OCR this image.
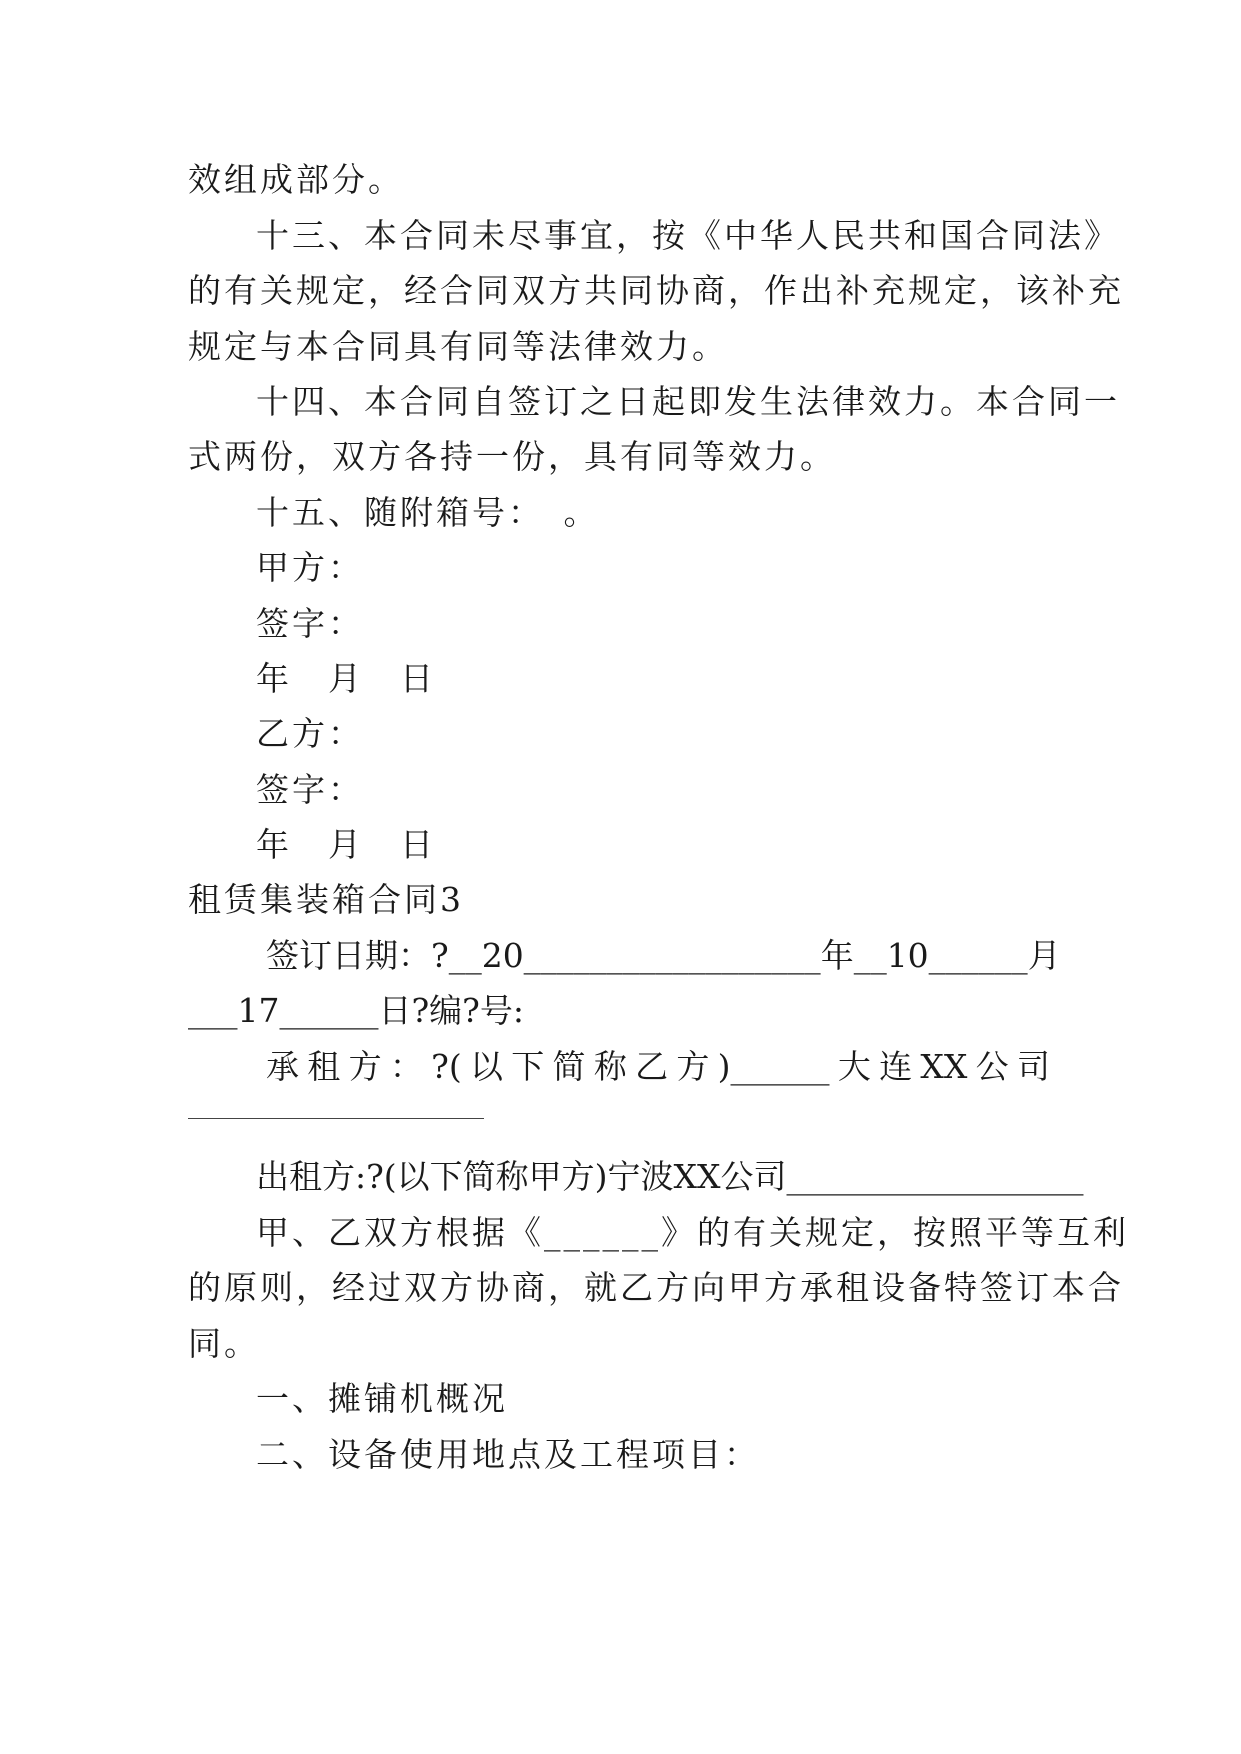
效组成部分。
十三、本合同未尽事宜，按《中华人民共和国合同法》
的有关规定，经合同双方共同协商，作出补充规定，该补充
规定与本合同具有同等法律效力。
十四、本合同自签订之日起即发生法律效力。本合同一
式两份，双方各持一份，具有同等效力。
十五、随附箱号：　。
甲方：
签字：
年　月　日
乙方：
签字：
年　月　日
租赁集装箱合同3
签 订 日 期 ： ?__20__________________ 年 __10______ 月
___17______日?编?号:
承 租 方 ： ?( 以 下 简 称 乙 方 )______ 大 连 XX 公 司
出租方:?(以下简称甲方)宁波XX公司__________________
甲、乙双方根据《______》的有关规定，按照平等互利
的原则，经过双方协商，就乙方向甲方承租设备特签订本合
同。
一、摊铺机概况
二、设备使用地点及工程项目：
